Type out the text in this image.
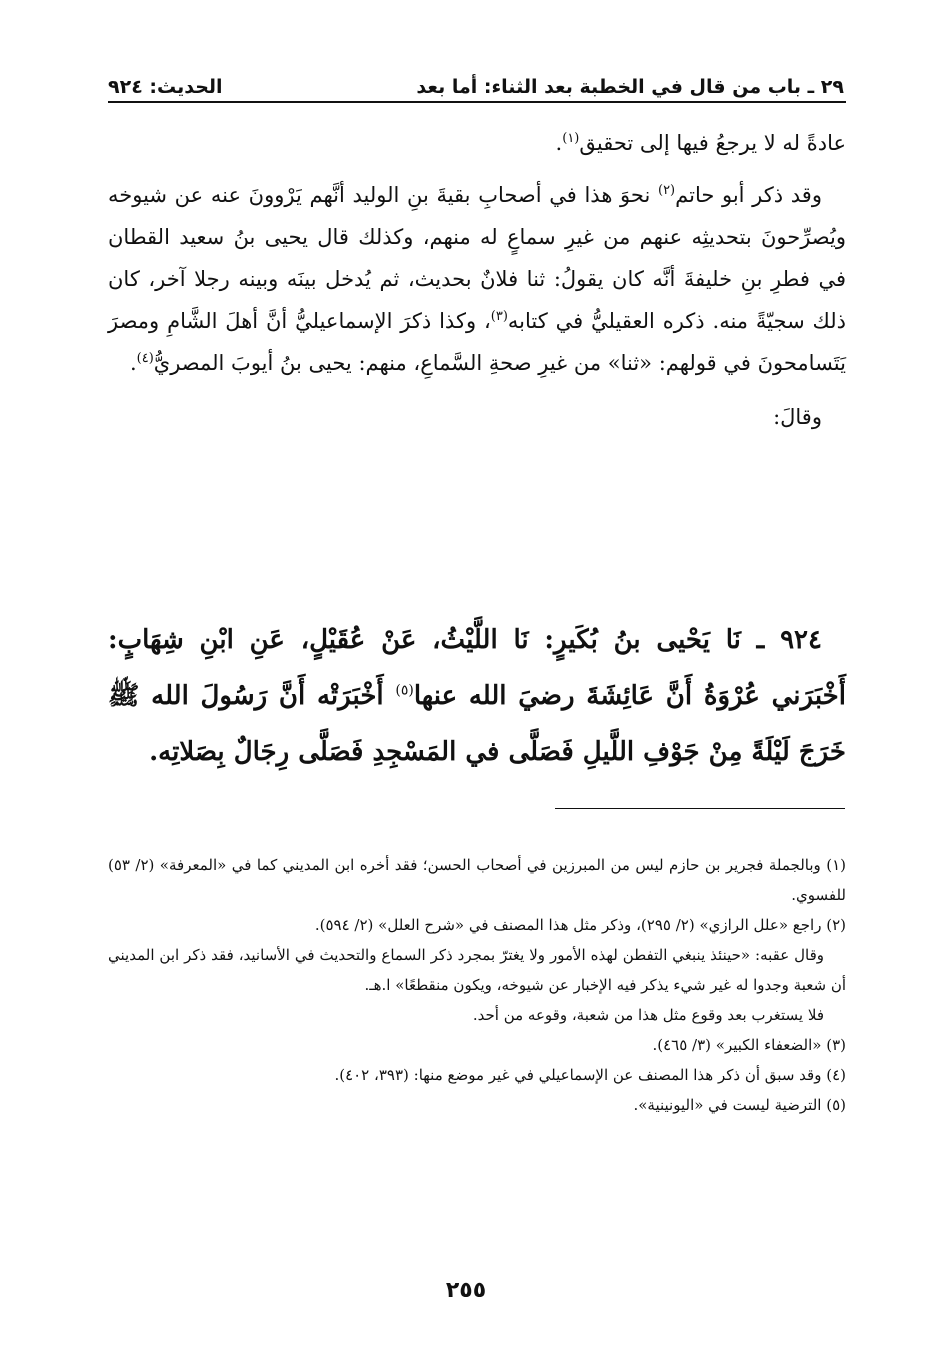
٢٩ ـ باب من قال في الخطبة بعد الثناء: أما بعد
الحديث: ٩٢٤

عادةً له لا يرجعُ فيها إلى تحقيق$^{(١)}$.

وقد ذكر أبو حاتم$^{(٢)}$ نحوَ هذا في أصحابِ بقيةَ بنِ الوليد أنَّهم يَرْوونَ عنه عن شيوخه ويُصرِّحونَ بتحديثِه عنهم من غيرِ سماعٍ له منهم، وكذلك قال يحيى بنُ سعيد القطان في فطرِ بنِ خليفةَ أنَّه كان يقولُ: ثنا فلانٌ بحديث، ثم يُدخل بينَه وبينه رجلا آخر، كان ذلك سجيّةً منه. ذكره العقيليُّ في كتابه$^{(٣)}$، وكذا ذكرَ الإسماعيليُّ أنَّ أهلَ الشَّامِ ومصرَ يَتَسامحونَ في قولهم: «ثنا» من غيرِ صحةِ السَّماعِ، منهم: يحيى بنُ أيوبَ المصريُّ$^{(٤)}$.

وقالَ:

٩٢٤ ـ نَا يَحْيى بنُ بُكَيرٍ: نَا اللَّيْثُ، عَنْ عُقَيْلٍ، عَنِ ابْنِ شِهَابٍ: أَخْبَرَني عُرْوَةُ أَنَّ عَائِشَةَ رضيَ الله عنها$^{(٥)}$ أَخْبَرَتْه أَنَّ رَسُولَ الله ﷺ خَرَجَ لَيْلَةً مِنْ جَوْفِ اللَّيلِ فَصَلَّى في المَسْجِدِ فَصَلَّى رِجَالٌ بِصَلاتِه.

(١) وبالجملة فجرير بن حازم ليس من المبرزين في أصحاب الحسن؛ فقد أخره ابن المديني كما في «المعرفة» (٢/ ٥٣) للفسوي.

(٢) راجع «علل الرازي» (٢/ ٢٩٥)، وذكر مثل هذا المصنف في «شرح العلل» (٢/ ٥٩٤).

وقال عقبه: «حينئذ ينبغي التفطن لهذه الأمور ولا يغترّ بمجرد ذكر السماع والتحديث في الأسانيد، فقد ذكر ابن المديني أن شعبة وجدوا له غير شيء يذكر فيه الإخبار عن شيوخه، ويكون منقطعًا» ا.هـ.

فلا يستغرب بعد وقوع مثل هذا من شعبة، وقوعه من أحد.

(٣) «الضعفاء الكبير» (٣/ ٤٦٥).

(٤) وقد سبق أن ذكر هذا المصنف عن الإسماعيلي في غير موضع منها: (٣٩٣، ٤٠٢).

(٥) الترضية ليست في «اليونينية».

٢٥٥
